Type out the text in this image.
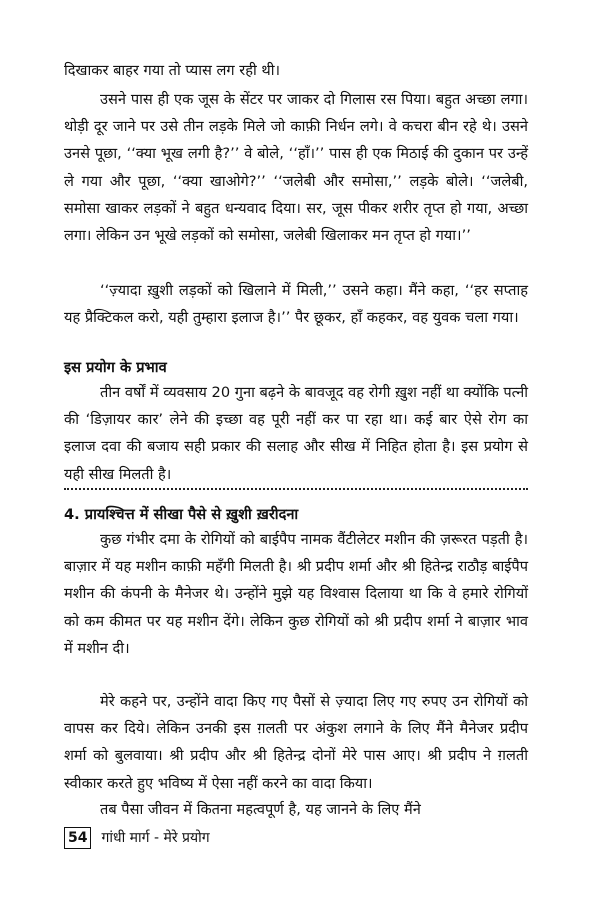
दिखाकर बाहर गया तो प्यास लग रही थी।

उसने पास ही एक जूस के सेंटर पर जाकर दो गिलास रस पिया। बहुत अच्छा लगा। थोड़ी दूर जाने पर उसे तीन लड़के मिले जो काफ़ी निर्धन लगे। वे कचरा बीन रहे थे। उसने उनसे पूछा, ‘‘क्या भूख लगी है?’’ वे बोले, ‘‘हाँ।’’ पास ही एक मिठाई की दुकान पर उन्हें ले गया और पूछा, ‘‘क्या खाओगे?’’ ‘‘जलेबी और समोसा,’’ लड़के बोले। ‘‘जलेबी, समोसा खाकर लड़कों ने बहुत धन्यवाद दिया। सर, जूस पीकर शरीर तृप्त हो गया, अच्छा लगा। लेकिन उन भूखे लड़कों को समोसा, जलेबी खिलाकर मन तृप्त हो गया।’’

‘‘ज़्यादा ख़ुशी लड़कों को खिलाने में मिली,’’ उसने कहा। मैंने कहा, ‘‘हर सप्ताह यह प्रैक्टिकल करो, यही तुम्हारा इलाज है।’’ पैर छूकर, हाँ कहकर, वह युवक चला गया।

इस प्रयोग के प्रभाव

तीन वर्षों में व्यवसाय 20 गुना बढ़ने के बावजूद वह रोगी ख़ुश नहीं था क्योंकि पत्नी की ‘डिज़ायर कार’ लेने की इच्छा वह पूरी नहीं कर पा रहा था। कई बार ऐसे रोग का इलाज दवा की बजाय सही प्रकार की सलाह और सीख में निहित होता है। इस प्रयोग से यही सीख मिलती है।

4. प्रायश्चित्त में सीखा पैसे से ख़ुशी ख़रीदना

कुछ गंभीर दमा के रोगियों को बाईपैप नामक वैंटीलेटर मशीन की ज़रूरत पड़ती है। बाज़ार में यह मशीन काफ़ी महँगी मिलती है। श्री प्रदीप शर्मा और श्री हितेन्द्र राठौड़ बाईपैप मशीन की कंपनी के मैनेजर थे। उन्होंने मुझे यह विश्वास दिलाया था कि वे हमारे रोगियों को कम कीमत पर यह मशीन देंगे। लेकिन कुछ रोगियों को श्री प्रदीप शर्मा ने बाज़ार भाव में मशीन दी।

मेरे कहने पर, उन्होंने वादा किए गए पैसों से ज़्यादा लिए गए रुपए उन रोगियों को वापस कर दिये। लेकिन उनकी इस ग़लती पर अंकुश लगाने के लिए मैंने मैनेजर प्रदीप शर्मा को बुलवाया। श्री प्रदीप और श्री हितेन्द्र दोनों मेरे पास आए। श्री प्रदीप ने ग़लती स्वीकार करते हुए भविष्य में ऐसा नहीं करने का वादा किया।

तब पैसा जीवन में कितना महत्वपूर्ण है, यह जानने के लिए मैंने

54 गांधी मार्ग - मेरे प्रयोग
